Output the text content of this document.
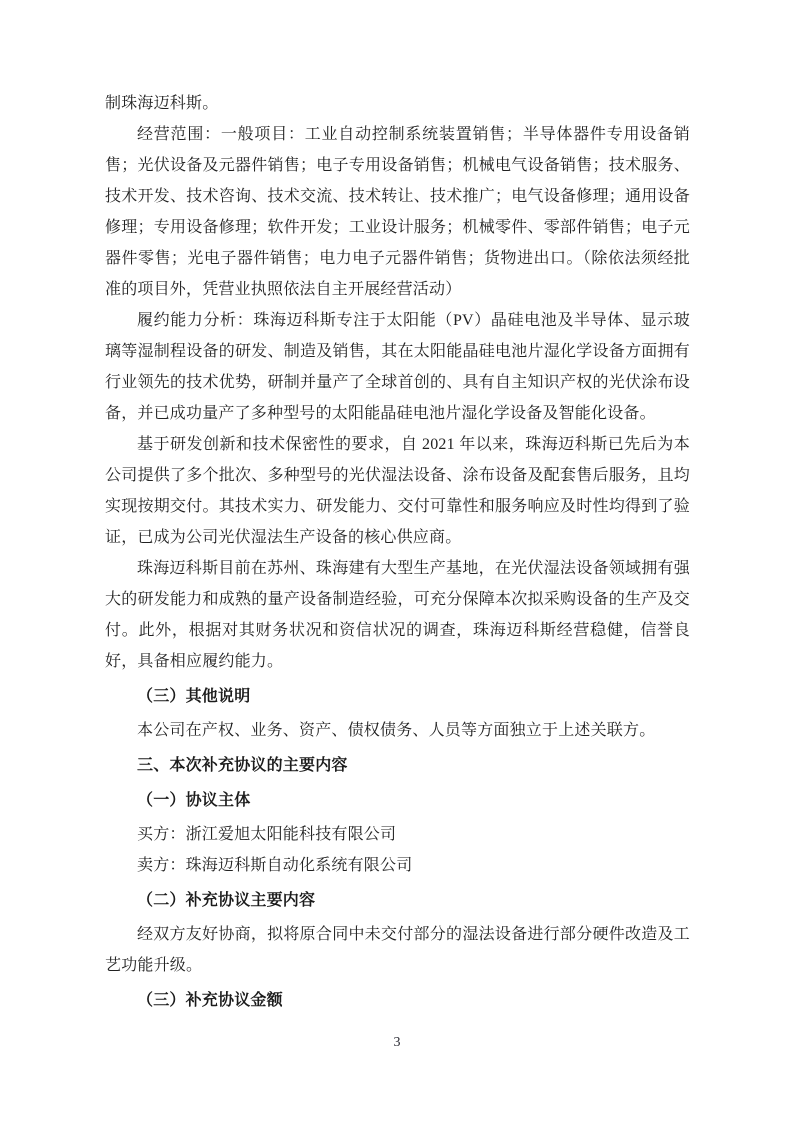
制珠海迈科斯。

经营范围：一般项目：工业自动控制系统装置销售；半导体器件专用设备销售；光伏设备及元器件销售；电子专用设备销售；机械电气设备销售；技术服务、技术开发、技术咨询、技术交流、技术转让、技术推广；电气设备修理；通用设备修理；专用设备修理；软件开发；工业设计服务；机械零件、零部件销售；电子元器件零售；光电子器件销售；电力电子元器件销售；货物进出口。（除依法须经批准的项目外，凭营业执照依法自主开展经营活动）

履约能力分析：珠海迈科斯专注于太阳能（PV）晶硅电池及半导体、显示玻璃等湿制程设备的研发、制造及销售，其在太阳能晶硅电池片湿化学设备方面拥有行业领先的技术优势，研制并量产了全球首创的、具有自主知识产权的光伏涂布设备，并已成功量产了多种型号的太阳能晶硅电池片湿化学设备及智能化设备。

基于研发创新和技术保密性的要求，自 2021 年以来，珠海迈科斯已先后为本公司提供了多个批次、多种型号的光伏湿法设备、涂布设备及配套售后服务，且均实现按期交付。其技术实力、研发能力、交付可靠性和服务响应及时性均得到了验证，已成为公司光伏湿法生产设备的核心供应商。

珠海迈科斯目前在苏州、珠海建有大型生产基地，在光伏湿法设备领域拥有强大的研发能力和成熟的量产设备制造经验，可充分保障本次拟采购设备的生产及交付。此外，根据对其财务状况和资信状况的调查，珠海迈科斯经营稳健，信誉良好，具备相应履约能力。

（三）其他说明

本公司在产权、业务、资产、债权债务、人员等方面独立于上述关联方。

三、本次补充协议的主要内容

（一）协议主体

买方：浙江爱旭太阳能科技有限公司

卖方：珠海迈科斯自动化系统有限公司

（二）补充协议主要内容

经双方友好协商，拟将原合同中未交付部分的湿法设备进行部分硬件改造及工艺功能升级。

（三）补充协议金额

3
